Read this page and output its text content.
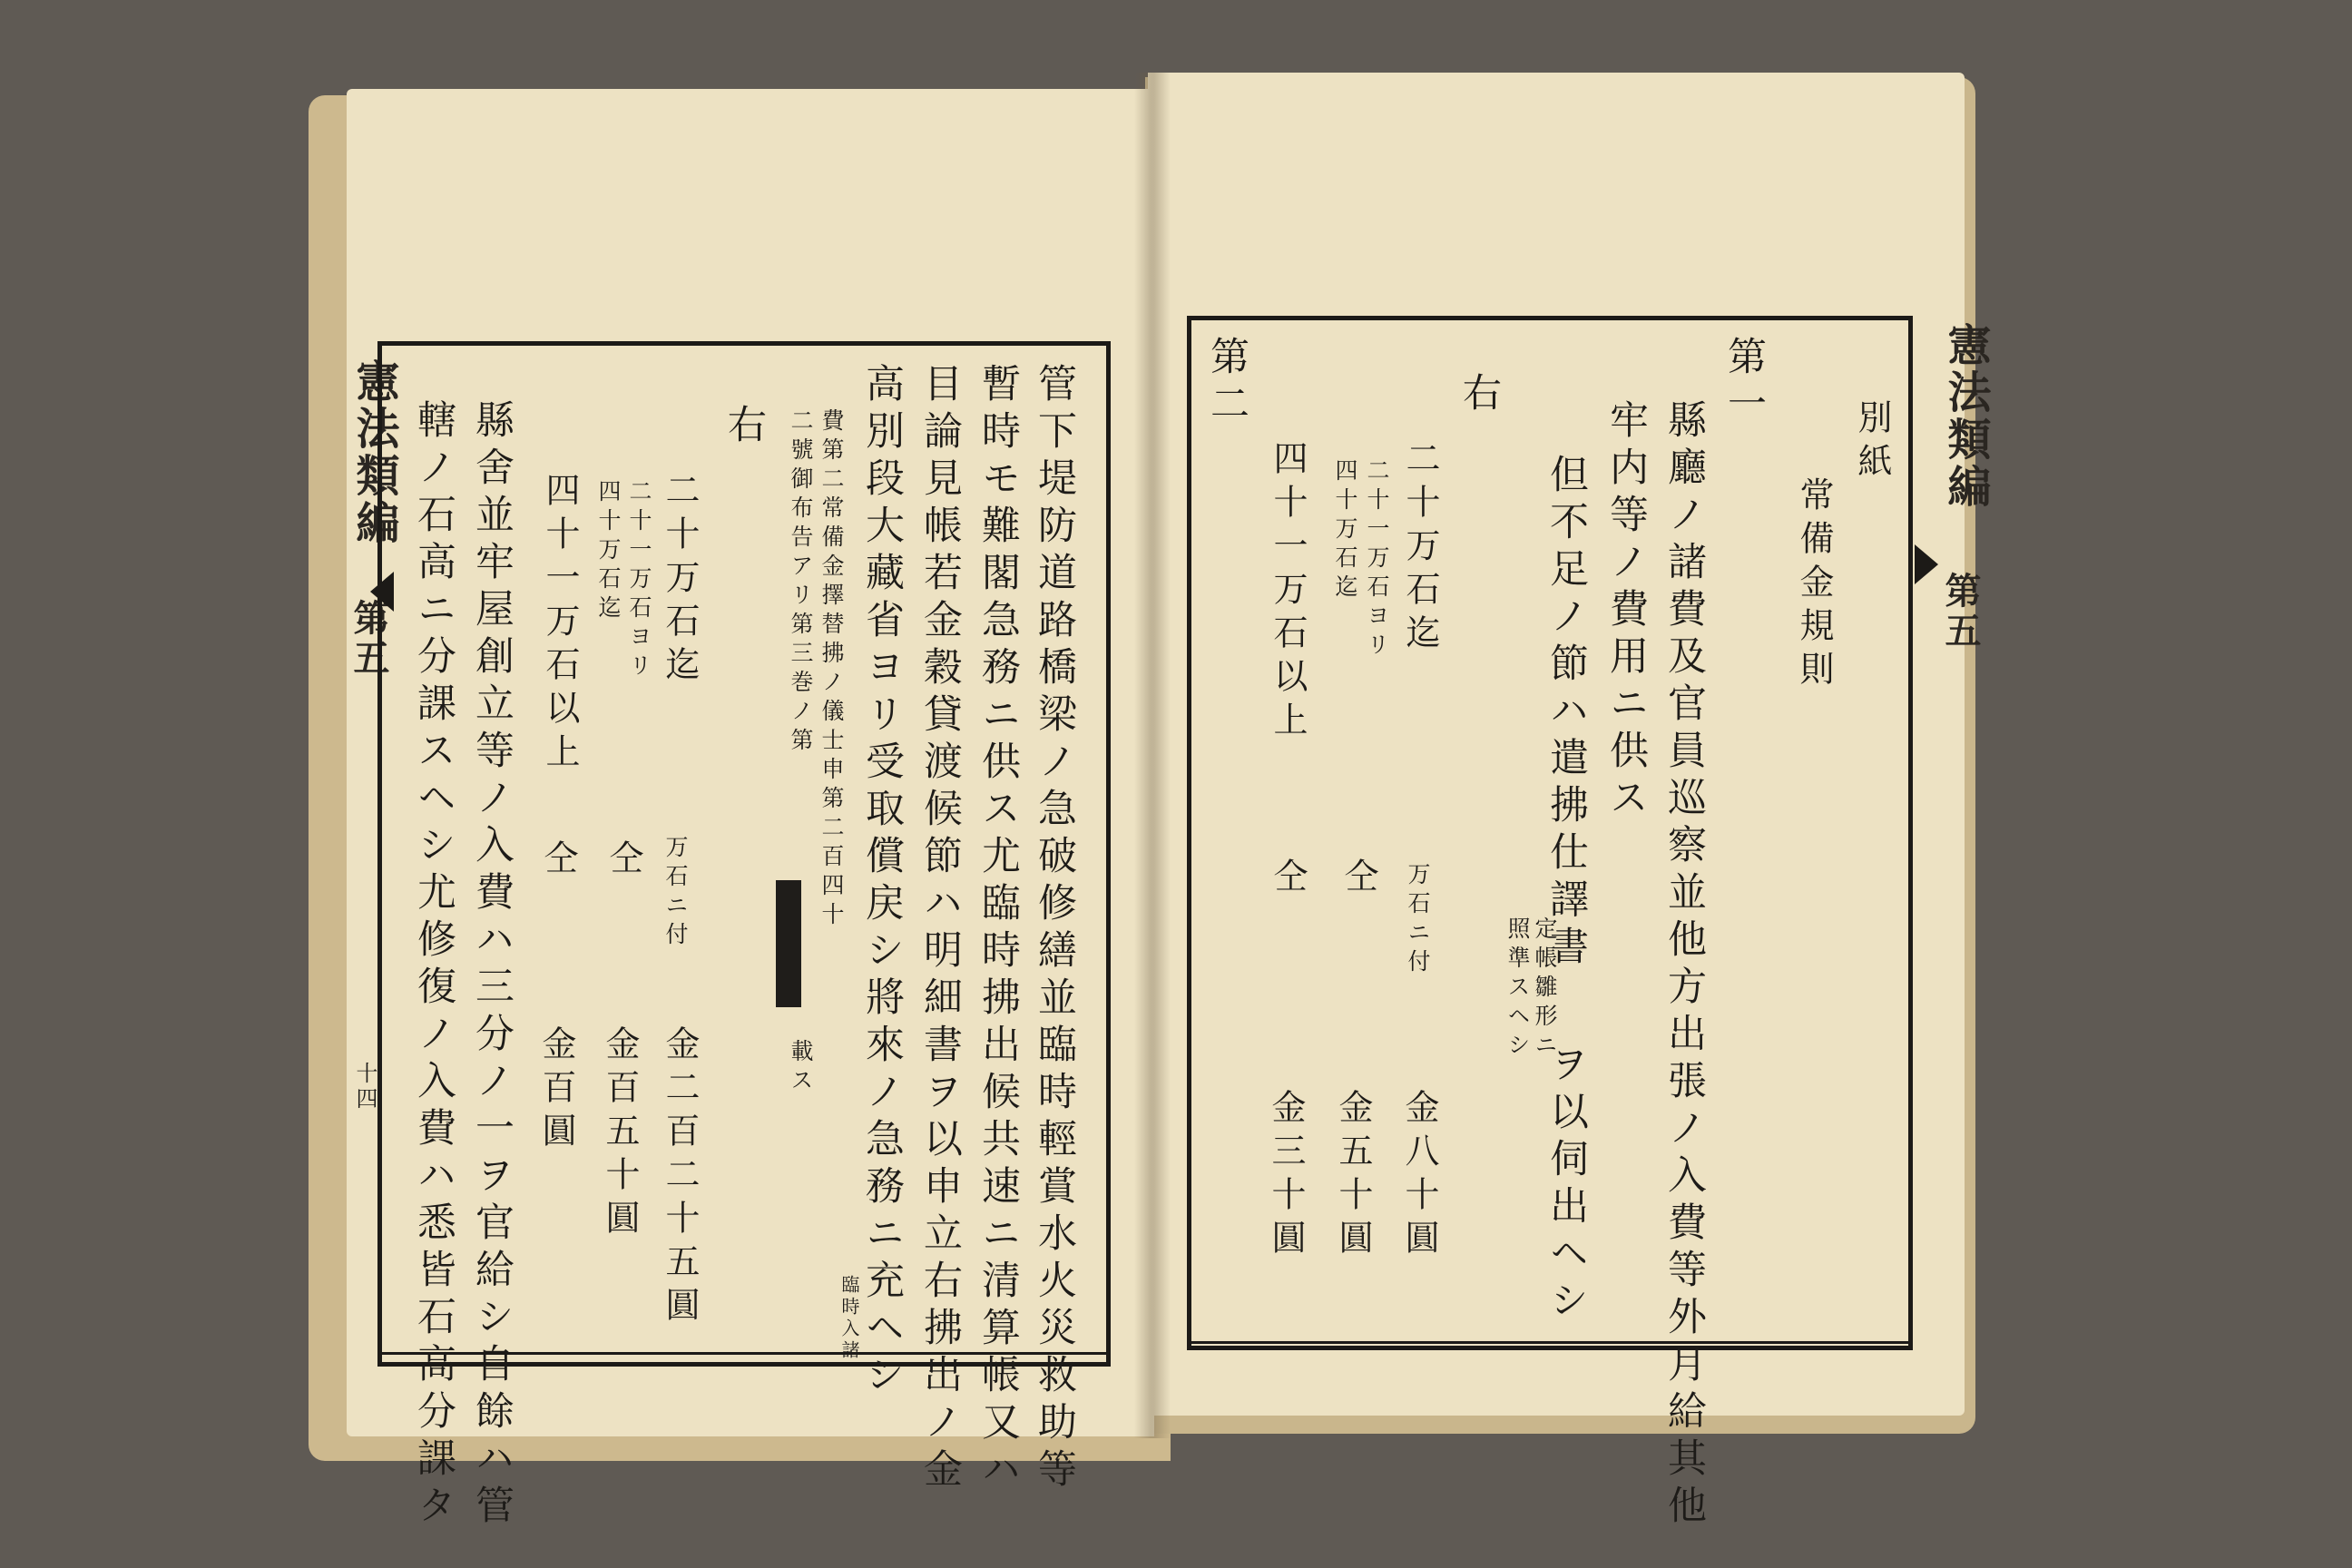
憲法類編
第五
憲法類編
第五
十四	管下堤防道路橋梁ノ急破修繕並臨時輕賞水火災救助等
暫時モ難閣急務ニ供ス尤臨時拂出候共速ニ清算帳又ハ
目論見帳若金穀貸渡候節ハ明細書ヲ以申立右拂出ノ金
高別段大藏省ヨリ受取償戻シ將來ノ急務ニ充ヘシ
臨時入諸
費第二常備金擇替拂ノ儀士申第二百四十
二號御布告アリ第三巻ノ第
載ス
右
二十万石迄
二十一万石ヨリ
四十万石迄
四十一万石以上
万石ニ付
仝
仝
金二百二十五圓
金百五十圓
金百圓
縣舍並牢屋創立等ノ入費ハ三分ノ一ヲ官給シ自餘ハ管
轄ノ石高ニ分課スヘシ尤修復ノ入費ハ悉皆石高分課タ	別紙
常備金規則
第一
縣廳ノ諸費及官員巡察並他方出張ノ入費等外月給其他
牢内等ノ費用ニ供ス
但不足ノ節ハ遣拂仕譯書
定帳雛形ニ
照準スヘシ
ヲ以伺出ヘシ
右
二十万石迄
二十一万石ヨリ
四十万石迄
四十一万石以上
万石ニ付
仝
仝
金八十圓
金五十圓
金三十圓
第二
